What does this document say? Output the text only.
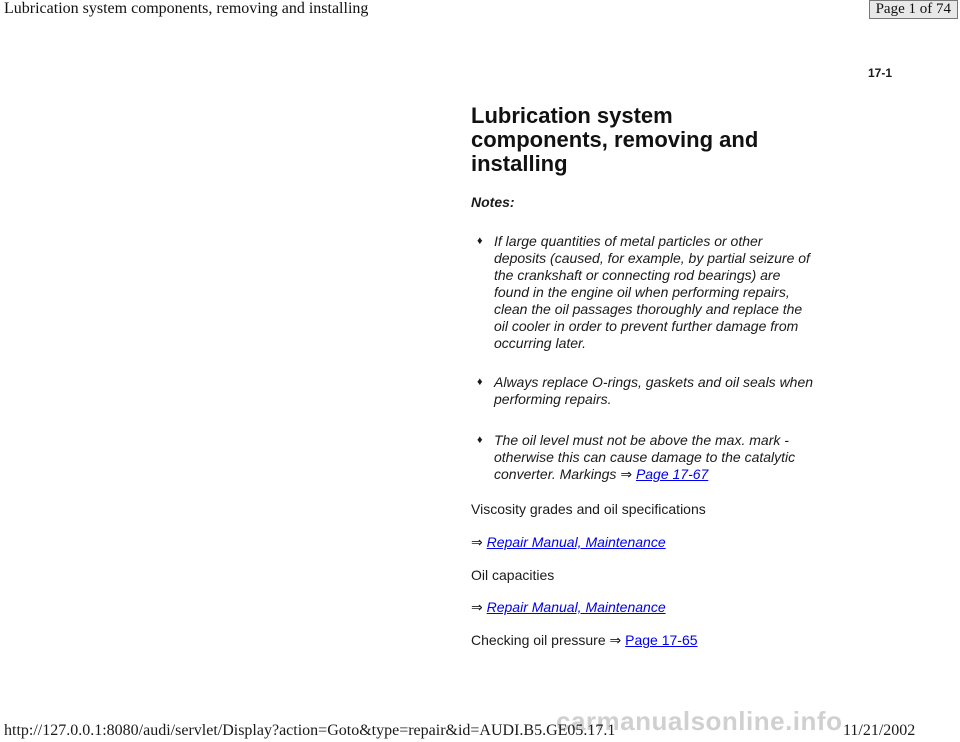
Lubrication system components, removing and installing	Page 1 of 74
17-1
Lubrication system components, removing and installing
Notes:
♦ If large quantities of metal particles or other deposits (caused, for example, by partial seizure of the crankshaft or connecting rod bearings) are found in the engine oil when performing repairs, clean the oil passages thoroughly and replace the oil cooler in order to prevent further damage from occurring later.
♦ Always replace O-rings, gaskets and oil seals when performing repairs.
♦ The oil level must not be above the max. mark - otherwise this can cause damage to the catalytic converter. Markings ⇒ Page 17-67
Viscosity grades and oil specifications
⇒ Repair Manual, Maintenance
Oil capacities
⇒ Repair Manual, Maintenance
Checking oil pressure ⇒ Page 17-65
carmanualsonline.info
http://127.0.0.1:8080/audi/servlet/Display?action=Goto&type=repair&id=AUDI.B5.GE05.17.1	11/21/2002
